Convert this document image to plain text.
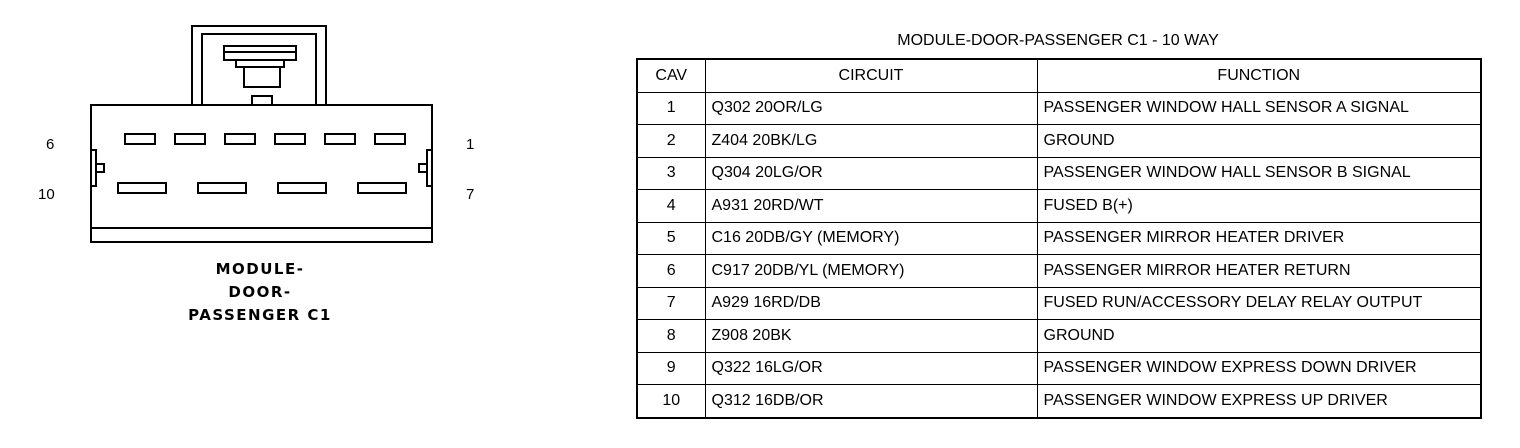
6	1
10	7
MODULE-
DOOR-
PASSENGER C1
MODULE-DOOR-PASSENGER C1 - 10 WAY
CAV	CIRCUIT	FUNCTION
1	Q302 20OR/LG	PASSENGER WINDOW HALL SENSOR A SIGNAL
2	Z404 20BK/LG	GROUND
3	Q304 20LG/OR	PASSENGER WINDOW HALL SENSOR B SIGNAL
4	A931 20RD/WT	FUSED B(+)
5	C16 20DB/GY (MEMORY)	PASSENGER MIRROR HEATER DRIVER
6	C917 20DB/YL (MEMORY)	PASSENGER MIRROR HEATER RETURN
7	A929 16RD/DB	FUSED RUN/ACCESSORY DELAY RELAY OUTPUT
8	Z908 20BK	GROUND
9	Q322 16LG/OR	PASSENGER WINDOW EXPRESS DOWN DRIVER
10	Q312 16DB/OR	PASSENGER WINDOW EXPRESS UP DRIVER
